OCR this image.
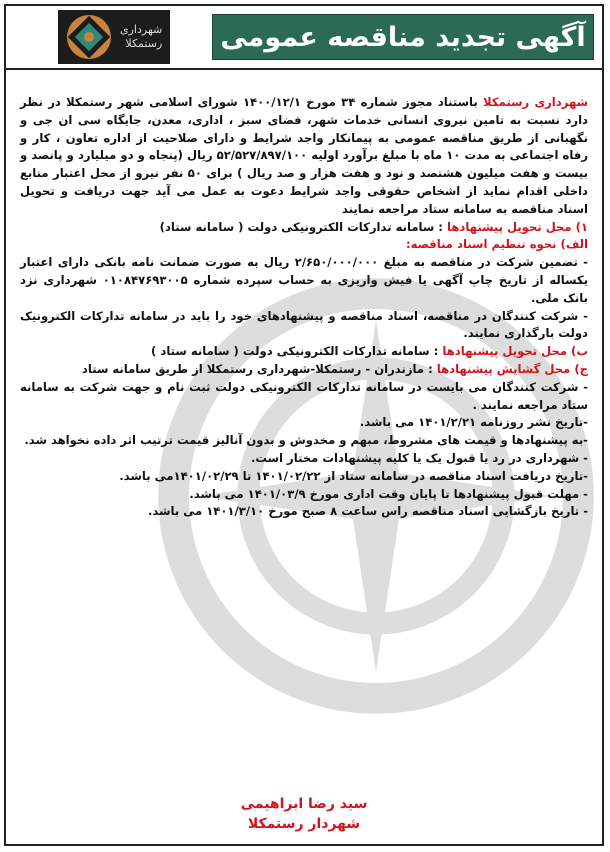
شهرداری
رستمکلا آگهی تجدید مناقصه عمومی

شهرداری رستمکلا باستناد مجوز شماره ۳۴ مورخ ۱۴۰۰/۱۲/۱ شورای اسلامی شهر رستمکلا در نظر دارد نسبت به تامین نیروی انسانی خدمات شهر، فضای سبز ، اداری، معدن، جایگاه سی ان جی و نگهبانی از طریق مناقصه عمومی به پیمانکار واجد شرایط و دارای صلاحیت از اداره تعاون ، کار و رفاه اجتماعی به مدت ۱۰ ماه با مبلغ برآورد اولیه ۵۲/۵۲۷/۸۹۷/۱۰۰ ریال (پنجاه و دو میلیارد و پانصد و بیست و هفت میلیون هشتصد و نود و هفت هزار و صد ریال ) برای ۵۰ نفر نیرو از محل اعتبار منابع داخلی اقدام نماید از اشخاص حقوقی واجد شرایط دعوت به عمل می آید جهت دریافت و تحویل اسناد مناقصه به سامانه ستاد مراجعه نمایند

۱) محل تحویل پیشنهادها : سامانه تدارکات الکترونیکی دولت ( سامانه ستاد)

الف) نحوه تنظیم اسناد مناقصه:

- تضمین شرکت در مناقصه به مبلغ ۲/۶۵۰/۰۰۰/۰۰۰ ریال به صورت ضمانت نامه بانکی دارای اعتبار یکساله از تاریخ چاپ آگهی یا فیش واریزی به حساب سپرده شماره ۰۱۰۸۴۷۶۹۳۰۰۵ شهرداری نزد بانک ملی.

- شرکت کنندگان در مناقصه، اسناد مناقصه و پیشنهادهای خود را باید در سامانه تدارکات الکترونیک دولت بارگذاری نمایند.

ب) محل تحویل پیشنهادها : سامانه تدارکات الکترونیکی دولت ( سامانه ستاد )

ج) محل گشایش پیشنهادها : مازندران - رستمکلا-شهرداری رستمکلا از طریق سامانه ستاد

- شرکت کنندگان می بایست در سامانه تدارکات الکترونیکی دولت ثبت نام و جهت شرکت به سامانه ستاد مراجعه نمایند .

-تاریخ نشر روزنامه ۱۴۰۱/۲/۲۱ می باشد.

-به پیشنهادها و قیمت های مشروط، مبهم و مخدوش و بدون آنالیز قیمت ترتیب اثر داده نخواهد شد.

- شهرداری در رد یا قبول یک یا کلیه پیشنهادات مختار است.

-تاریخ دریافت اسناد مناقصه در سامانه ستاد از ۱۴۰۱/۰۲/۲۲ تا ۱۴۰۱/۰۲/۲۹می باشد.

- مهلت قبول پیشنهادها تا پایان وقت اداری مورخ ۱۴۰۱/۰۳/۹ می باشد.

- تاریخ بازگشایی اسناد مناقصه راس ساعت ۸ صبح مورخ ۱۴۰۱/۳/۱۰ می باشد.

سید رضا ابراهیمی
شهردار رستمکلا
